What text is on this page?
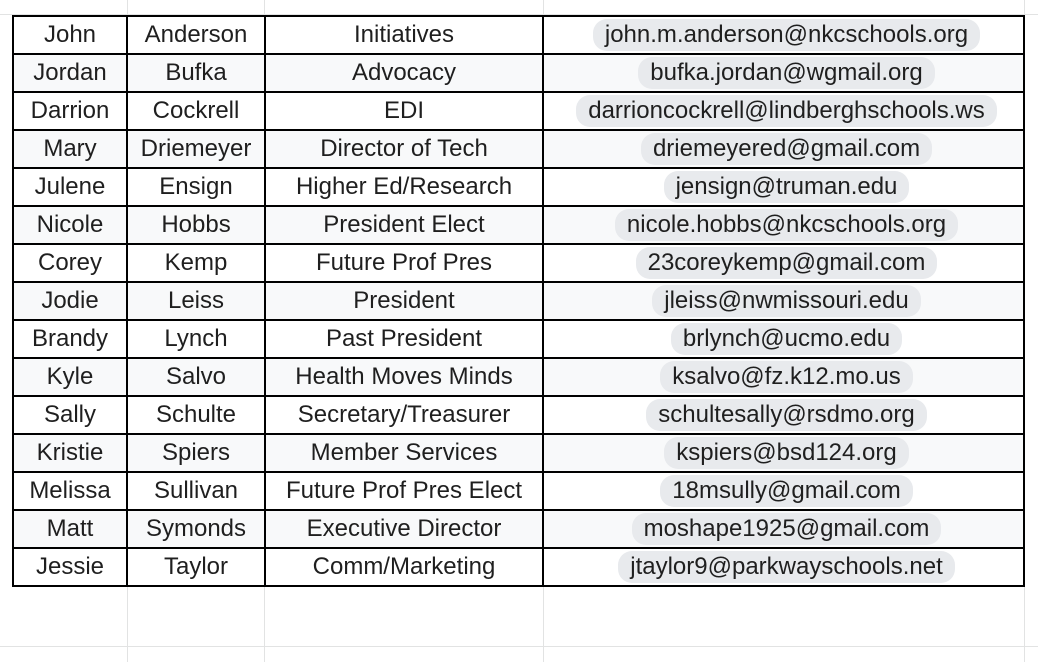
John	Anderson	Initiatives	john.m.anderson@nkcschools.org
Jordan	Bufka	Advocacy	bufka.jordan@wgmail.org
Darrion	Cockrell	EDI	darrioncockrell@lindberghschools.ws
Mary	Driemeyer	Director of Tech	driemeyered@gmail.com
Julene	Ensign	Higher Ed/Research	jensign@truman.edu
Nicole	Hobbs	President Elect	nicole.hobbs@nkcschools.org
Corey	Kemp	Future Prof Pres	23coreykemp@gmail.com
Jodie	Leiss	President	jleiss@nwmissouri.edu
Brandy	Lynch	Past President	brlynch@ucmo.edu
Kyle	Salvo	Health Moves Minds	ksalvo@fz.k12.mo.us
Sally	Schulte	Secretary/Treasurer	schultesally@rsdmo.org
Kristie	Spiers	Member Services	kspiers@bsd124.org
Melissa	Sullivan	Future Prof Pres Elect	18msully@gmail.com
Matt	Symonds	Executive Director	moshape1925@gmail.com
Jessie	Taylor	Comm/Marketing	jtaylor9@parkwayschools.net
